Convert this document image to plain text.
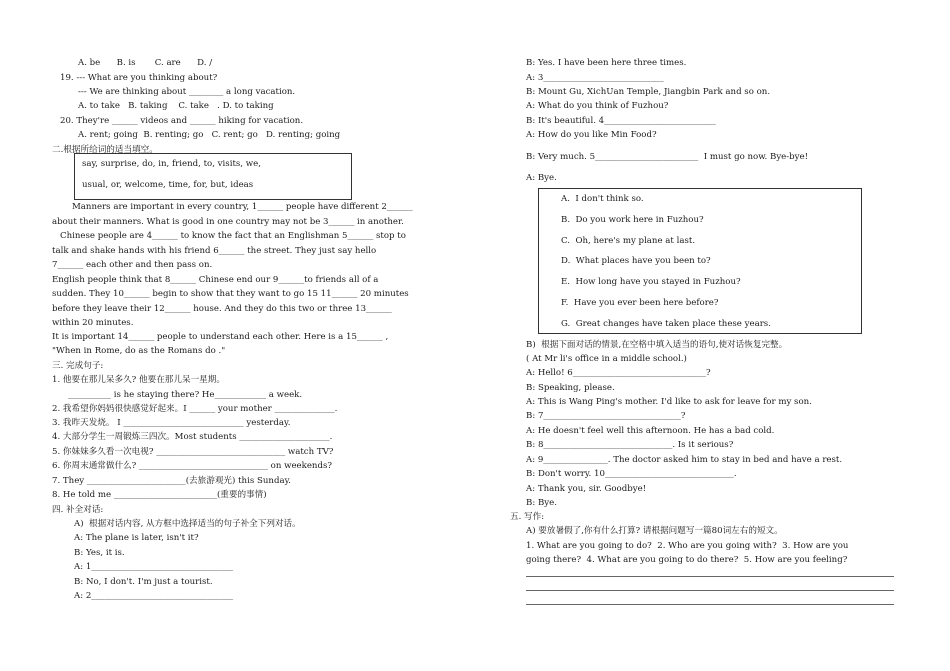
say, surprise, do, in, friend, to, visits, we,
usual, or, welcome, time, for, but, ideas
A.  I don't think so.
B.  Do you work here in Fuzhou?
C.  Oh, here's my plane at last.
D.  What places have you been to?
E.  How long have you stayed in Fuzhou?
F.  Have you ever been here before?
G.  Great changes have taken place these years.
A. be      B. is       C. are      D. /
19. --- What are you thinking about?
--- We are thinking about ________ a long vacation.
A. to take   B. taking    C. take   . D. to taking
20. They're ______ videos and ______ hiking for vacation.
A. rent; going  B. renting; go   C. rent; go   D. renting; going
二.根据所给词的适当填空。
Manners are important in every country, 1______ people have different 2______
about their manners. What is good in one country may not be 3______ in another.
Chinese people are 4______ to know the fact that an Englishman 5______ stop to
talk and shake hands with his friend 6______ the street. They just say hello
7______ each other and then pass on.
English people think that 8______ Chinese end our 9______to friends all of a
sudden. They 10______ begin to show that they want to go 15 11______ 20 minutes
before they leave their 12______ house. And they do this two or three 13______
within 20 minutes.
It is important 14______ people to understand each other. Here is a 15______ ,
"When in Rome, do as the Romans do ."
三. 完成句子:
1. 他要在那儿呆多久? 他要在那儿呆一星期。
__________ is he staying there? He____________ a week.
2. 我希望你妈妈很快感觉好起来。I ______ your mother ______________.
3. 我昨天发烧。 I ____________________________ yesterday.
4. 大部分学生一周锻炼三四次。Most students _____________________.
5. 你妹妹多久看一次电视? ______________________________ watch TV?
6. 你周末通常做什么? ______________________________ on weekends?
7. They _______________________(去旅游观光) this Sunday.
8. He told me ________________________(重要的事情)
四. 补全对话:
A)  根据对话内容, 从方框中选择适当的句子补全下列对话。
A: The plane is later, isn't it?
B: Yes, it is.
A: 1_________________________________
B: No, I don't. I'm just a tourist.
A: 2_________________________________
B: Yes. I have been here three times.
A: 3____________________________
B: Mount Gu, XichUan Temple, Jiangbin Park and so on.
A: What do you think of Fuzhou?
B: It's beautiful. 4__________________________
A: How do you like Min Food?
B: Very much. 5________________________  I must go now. Bye-bye!
A: Bye.
B)  根据下面对话的情景,在空格中填入适当的语句,使对话恢复完整。
( At Mr li's office in a middle school.)
A: Hello! 6_______________________________?
B: Speaking, please.
A: This is Wang Ping's mother. I'd like to ask for leave for my son.
B: 7________________________________?
A: He doesn't feel well this afternoon. He has a bad cold.
B: 8______________________________. Is it serious?
A: 9_______________. The doctor asked him to stay in bed and have a rest.
B: Don't worry. 10______________________________.
A: Thank you, sir. Goodbye!
B: Bye.
五. 写作:
A) 要放暑假了,你有什么打算? 请根据问题写一篇80词左右的短文。
1. What are you going to do?  2. Who are you going with?  3. How are you
going there?  4. What are you going to do there?  5. How are you feeling?
